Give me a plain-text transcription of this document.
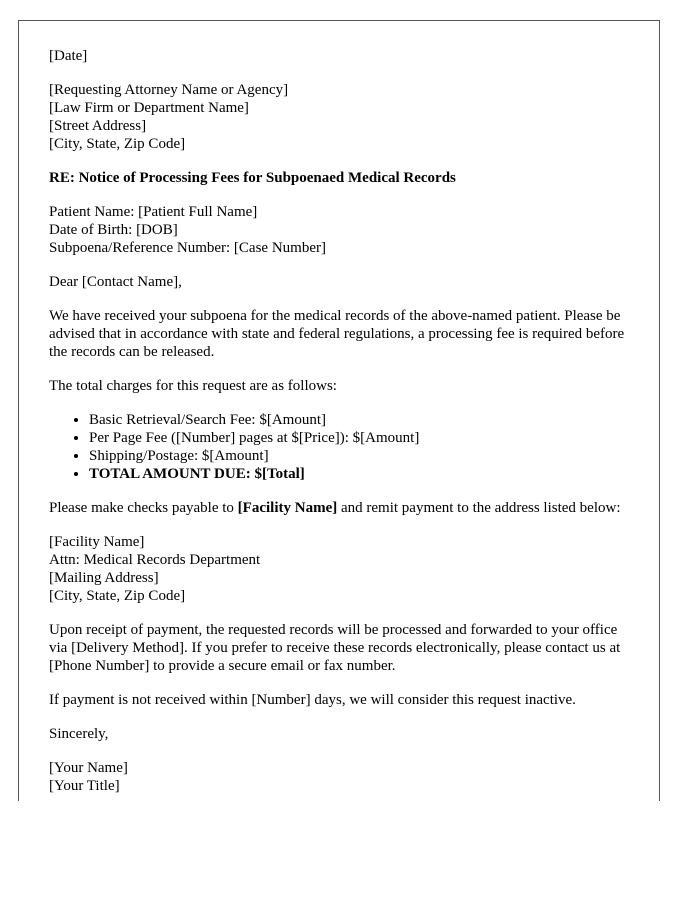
[Date]
[Requesting Attorney Name or Agency]
[Law Firm or Department Name]
[Street Address]
[City, State, Zip Code]
RE: Notice of Processing Fees for Subpoenaed Medical Records
Patient Name: [Patient Full Name]
Date of Birth: [DOB]
Subpoena/Reference Number: [Case Number]
Dear [Contact Name],

We have received your subpoena for the medical records of the above-named patient. Please be advised that in accordance with state and federal regulations, a processing fee is required before the records can be released.

The total charges for this request are as follows:

• Basic Retrieval/Search Fee: $[Amount]
• Per Page Fee ([Number] pages at $[Price]): $[Amount]
• Shipping/Postage: $[Amount]
• TOTAL AMOUNT DUE: $[Total]

Please make checks payable to [Facility Name] and remit payment to the address listed below:

[Facility Name]
Attn: Medical Records Department
[Mailing Address]
[City, State, Zip Code]

Upon receipt of payment, the requested records will be processed and forwarded to your office via [Delivery Method]. If you prefer to receive these records electronically, please contact us at [Phone Number] to provide a secure email or fax number.

If payment is not received within [Number] days, we will consider this request inactive.

Sincerely,
[Your Name]
[Your Title]
